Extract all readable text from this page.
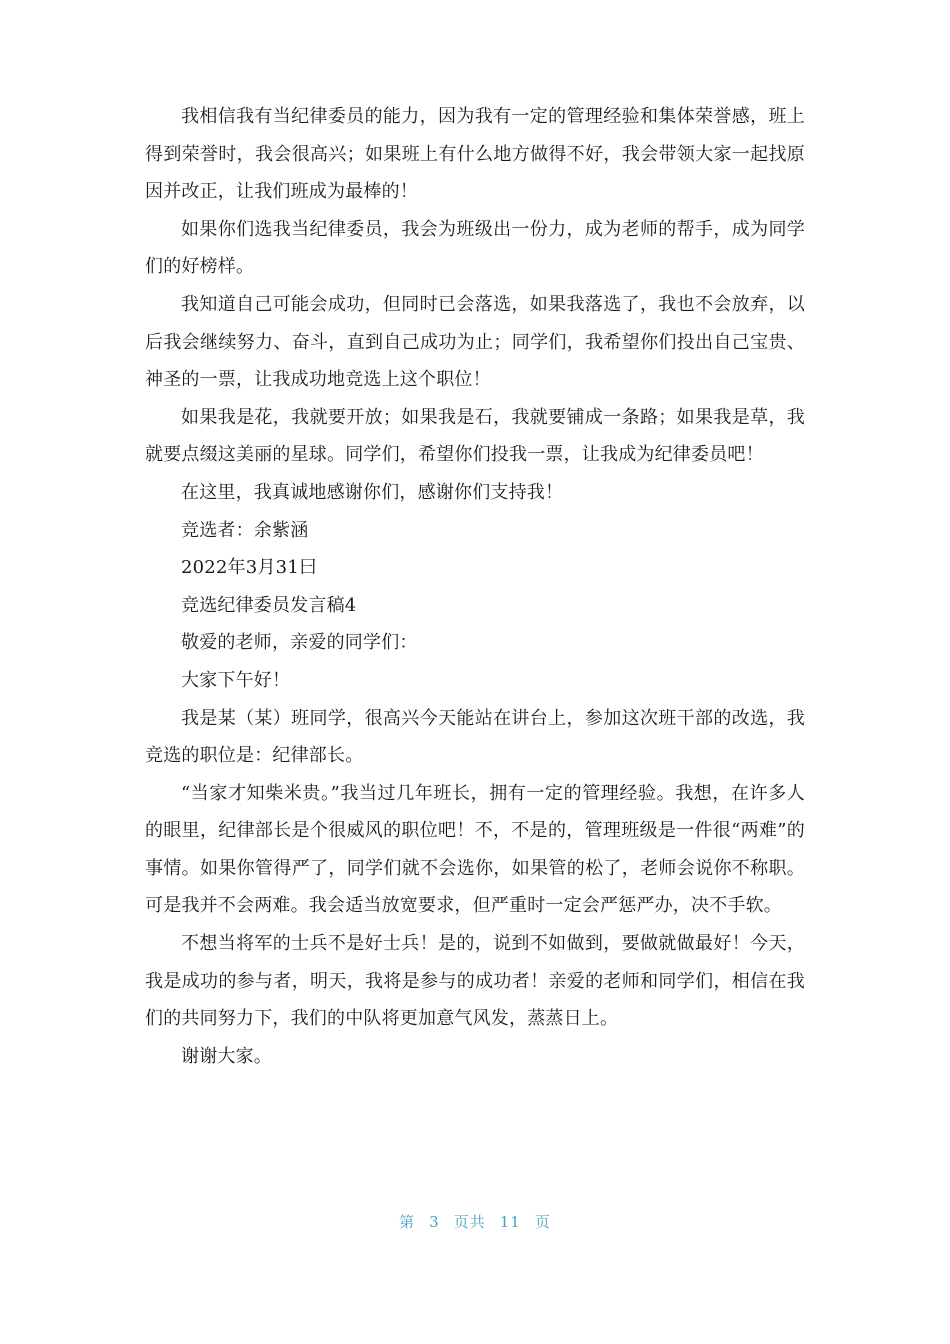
我相信我有当纪律委员的能力，因为我有一定的管理经验和集体荣誉感，班上得到荣誉时，我会很高兴；如果班上有什么地方做得不好，我会带领大家一起找原因并改正，让我们班成为最棒的！

如果你们选我当纪律委员，我会为班级出一份力，成为老师的帮手，成为同学们的好榜样。

我知道自己可能会成功，但同时已会落选，如果我落选了，我也不会放弃，以后我会继续努力、奋斗，直到自己成功为止；同学们，我希望你们投出自己宝贵、神圣的一票，让我成功地竞选上这个职位！

如果我是花，我就要开放；如果我是石，我就要铺成一条路；如果我是草，我就要点缀这美丽的星球。同学们，希望你们投我一票，让我成为纪律委员吧！

在这里，我真诚地感谢你们，感谢你们支持我！

竞选者：余紫涵

2022年3月31曰

竞选纪律委员发言稿4

敬爱的老师，亲爱的同学们：

大家下午好！

我是某（某）班同学，很高兴今天能站在讲台上，参加这次班干部的改选，我竞选的职位是：纪律部长。

“当家才知柴米贵。”我当过几年班长，拥有一定的管理经验。我想，在许多人的眼里，纪律部长是个很威风的职位吧！不，不是的，管理班级是一件很“两难”的事情。如果你管得严了，同学们就不会选你，如果管的松了，老师会说你不称职。可是我并不会两难。我会适当放宽要求，但严重时一定会严惩严办，决不手软。

不想当将军的士兵不是好士兵！是的，说到不如做到，要做就做最好！今天，我是成功的参与者，明天，我将是参与的成功者！亲爱的老师和同学们，相信在我们的共同努力下，我们的中队将更加意气风发，蒸蒸日上。

谢谢大家。

第 3 页共 11 页
